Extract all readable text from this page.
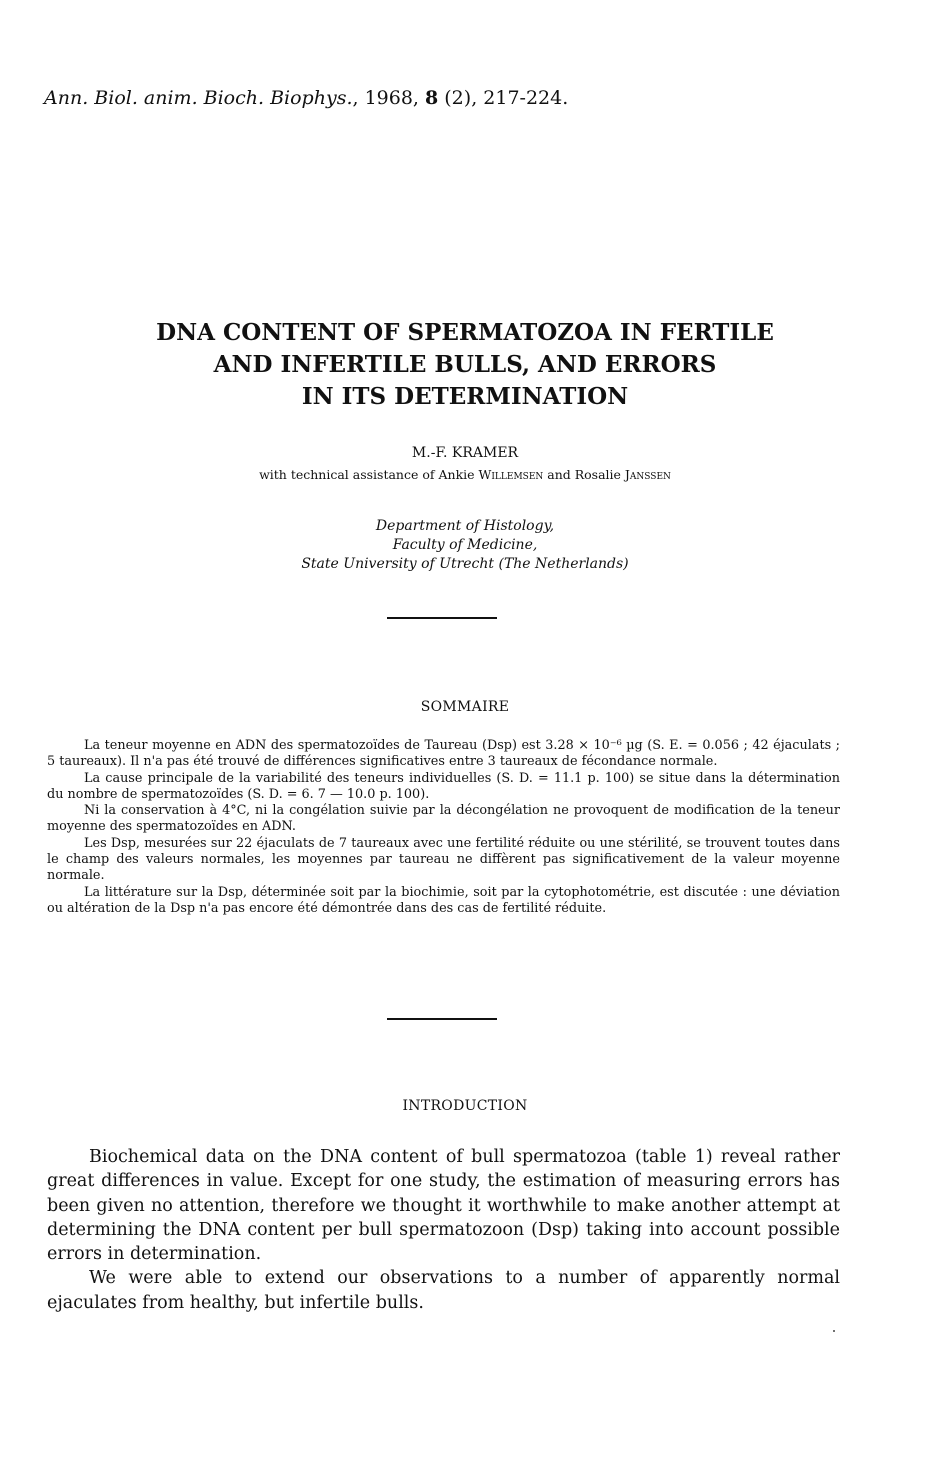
Ann. Biol. anim. Bioch. Biophys., 1968, 8 (2), 217-224.
DNA CONTENT OF SPERMATOZOA IN FERTILE
AND INFERTILE BULLS, AND ERRORS
IN ITS DETERMINATION
M.-F. KRAMER
with technical assistance of Ankie Willemsen and Rosalie Janssen
Department of Histology,
Faculty of Medicine,
State University of Utrecht (The Netherlands)
SOMMAIRE

La teneur moyenne en ADN des spermatozoïdes de Taureau (Dsp) est 3.28 × 10⁻⁶ µg (S. E. = 0.056 ; 42 éjaculats ; 5 taureaux). Il n'a pas été trouvé de différences significatives entre 3 taureaux de fécondance normale.

La cause principale de la variabilité des teneurs individuelles (S. D. = 11.1 p. 100) se situe dans la détermination du nombre de spermatozoïdes (S. D. = 6. 7 — 10.0 p. 100).

Ni la conservation à 4°C, ni la congélation suivie par la décongélation ne provoquent de modification de la teneur moyenne des spermatozoïdes en ADN.

Les Dsp, mesurées sur 22 éjaculats de 7 taureaux avec une fertilité réduite ou une stérilité, se trouvent toutes dans le champ des valeurs normales, les moyennes par taureau ne diffèrent pas significativement de la valeur moyenne normale.

La littérature sur la Dsp, déterminée soit par la biochimie, soit par la cytophotométrie, est discutée : une déviation ou altération de la Dsp n'a pas encore été démontrée dans des cas de fertilité réduite.

INTRODUCTION

Biochemical data on the DNA content of bull spermatozoa (table 1) reveal rather great differences in value. Except for one study, the estimation of measuring errors has been given no attention, therefore we thought it worthwhile to make another attempt at determining the DNA content per bull spermatozoon (Dsp) taking into account possible errors in determination.

We were able to extend our observations to a number of apparently normal ejaculates from healthy, but infertile bulls.
